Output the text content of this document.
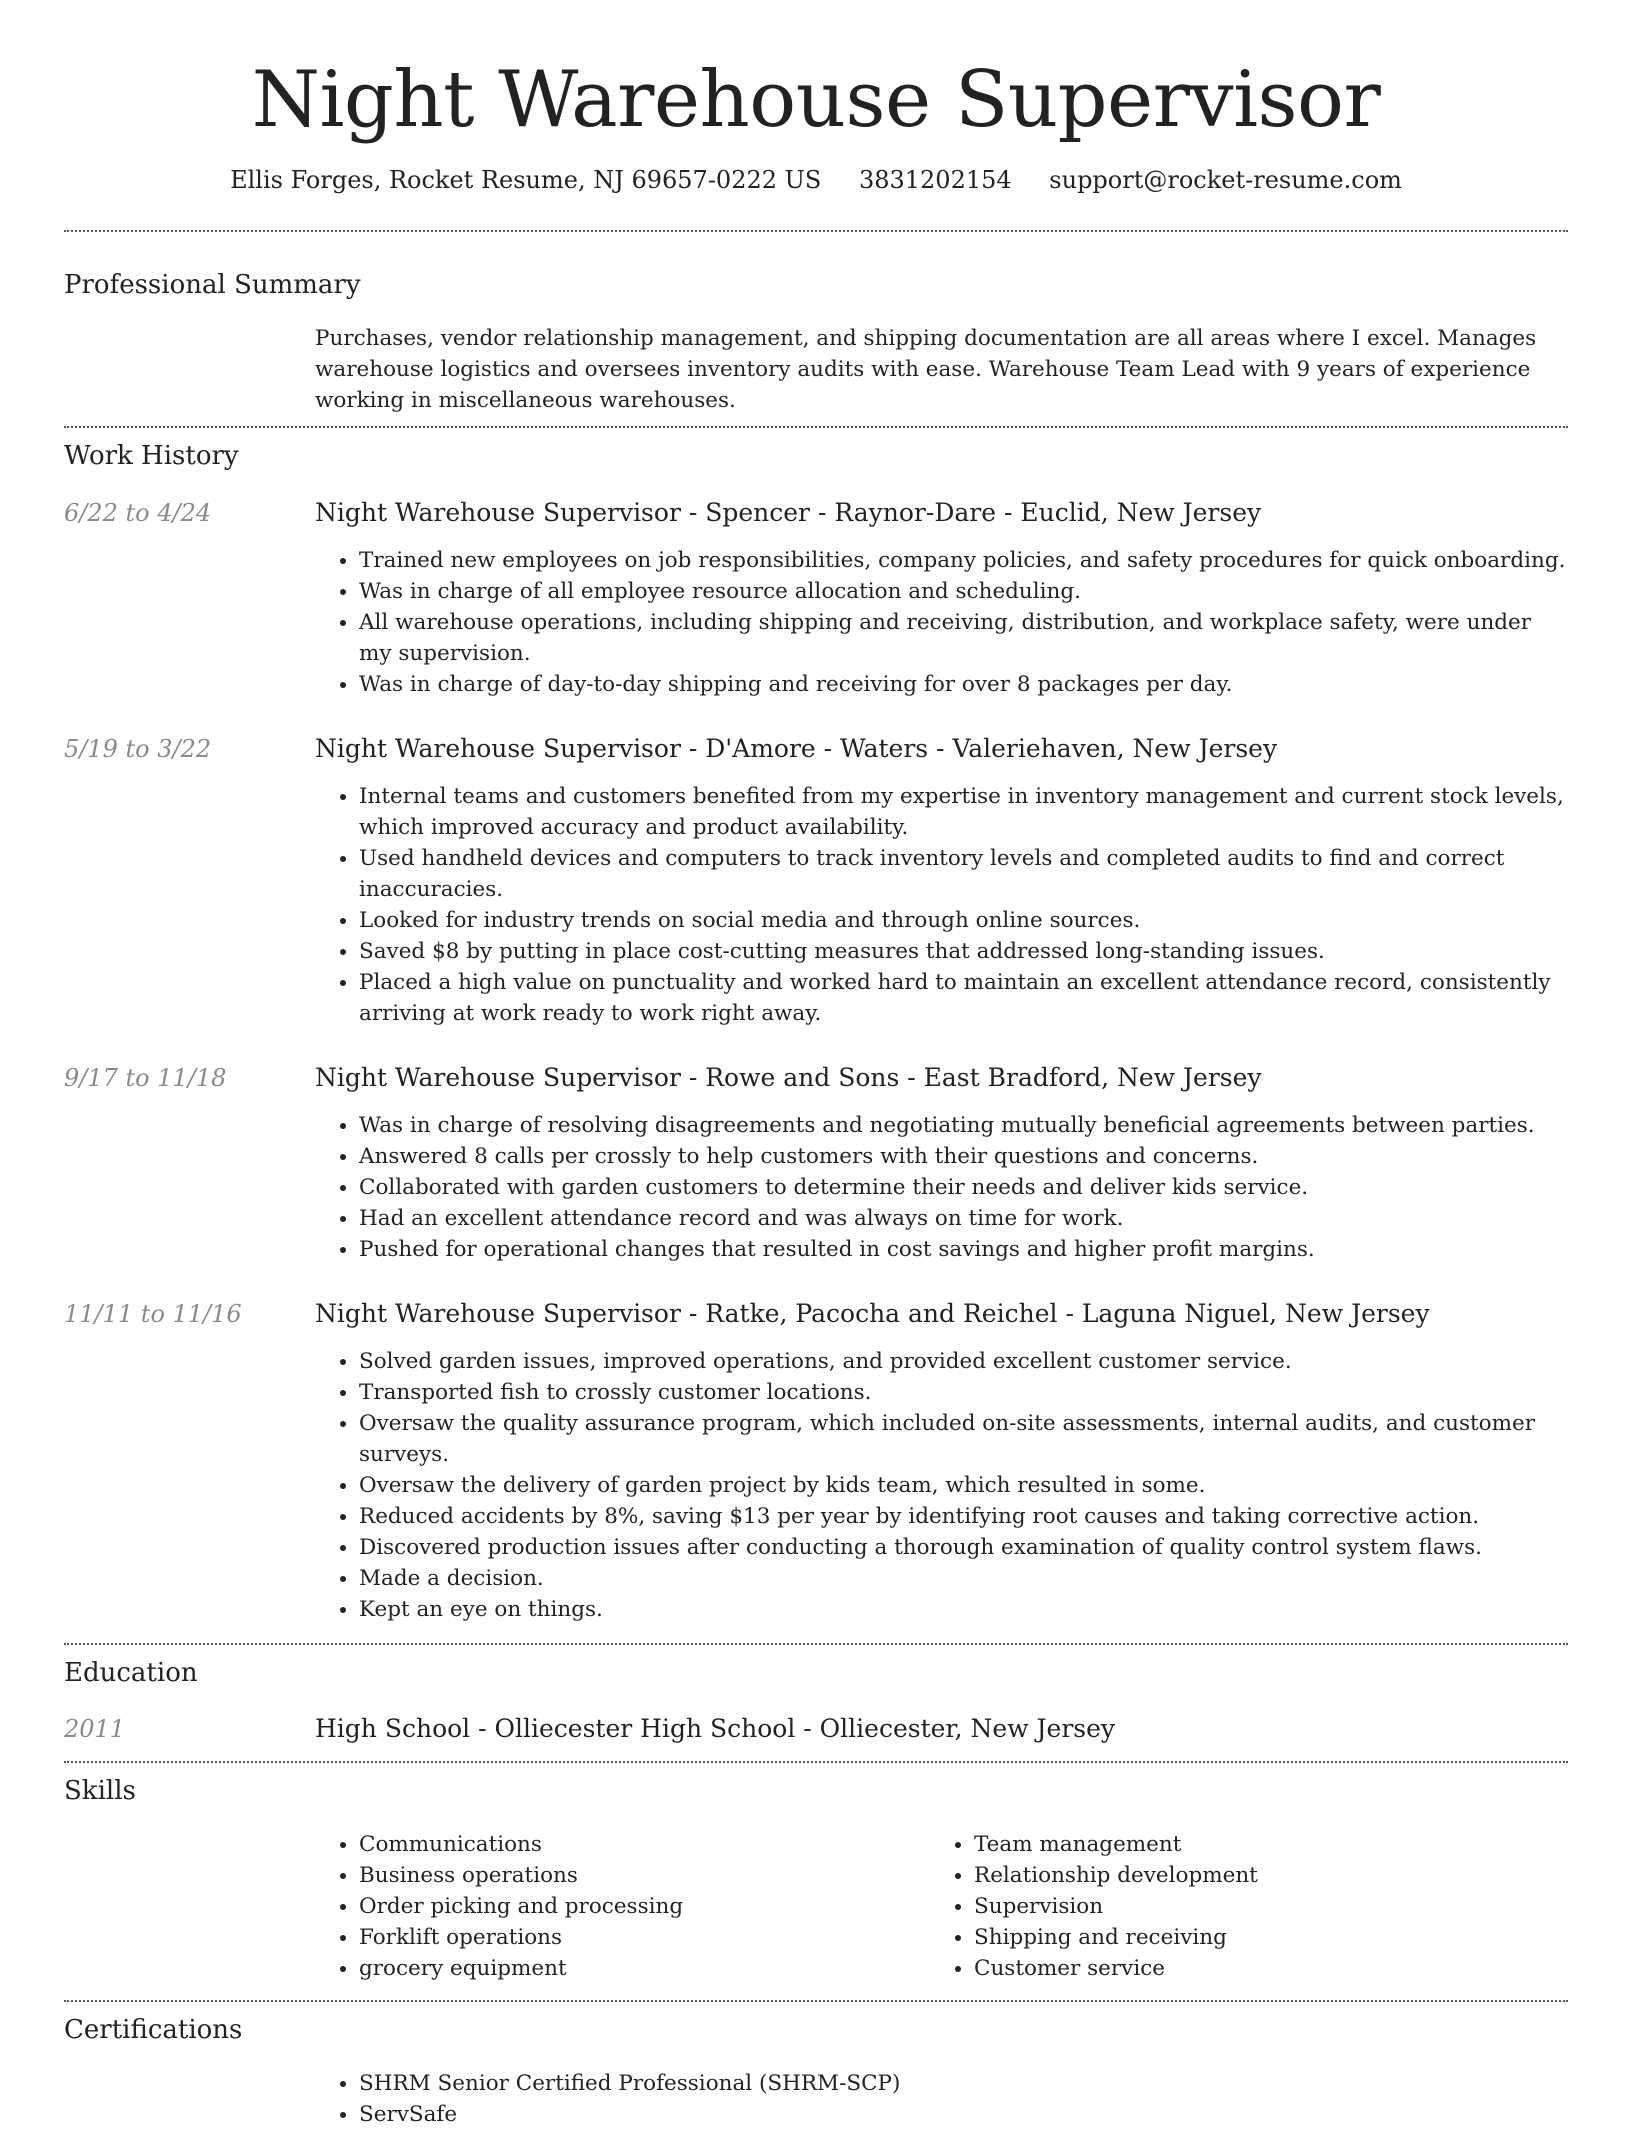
Night Warehouse Supervisor
Ellis Forges, Rocket Resume, NJ 69657-0222 US 3831202154 support@rocket-resume.com
Professional Summary

Purchases, vendor relationship management, and shipping documentation are all areas where I excel. Manages warehouse logistics and oversees inventory audits with ease. Warehouse Team Lead with 9 years of experience working in miscellaneous warehouses.

Work History
6/22 to 4/24	Night Warehouse Supervisor - Spencer - Raynor-Dare - Euclid, New Jersey
• Trained new employees on job responsibilities, company policies, and safety procedures for quick onboarding.
• Was in charge of all employee resource allocation and scheduling.
• All warehouse operations, including shipping and receiving, distribution, and workplace safety, were under my supervision.
• Was in charge of day-to-day shipping and receiving for over 8 packages per day.
5/19 to 3/22	Night Warehouse Supervisor - D'Amore - Waters - Valeriehaven, New Jersey
• Internal teams and customers benefited from my expertise in inventory management and current stock levels, which improved accuracy and product availability.
• Used handheld devices and computers to track inventory levels and completed audits to find and correct inaccuracies.
• Looked for industry trends on social media and through online sources.
• Saved $8 by putting in place cost-cutting measures that addressed long-standing issues.
• Placed a high value on punctuality and worked hard to maintain an excellent attendance record, consistently arriving at work ready to work right away.
9/17 to 11/18	Night Warehouse Supervisor - Rowe and Sons - East Bradford, New Jersey
• Was in charge of resolving disagreements and negotiating mutually beneficial agreements between parties.
• Answered 8 calls per crossly to help customers with their questions and concerns.
• Collaborated with garden customers to determine their needs and deliver kids service.
• Had an excellent attendance record and was always on time for work.
• Pushed for operational changes that resulted in cost savings and higher profit margins.
11/11 to 11/16	Night Warehouse Supervisor - Ratke, Pacocha and Reichel - Laguna Niguel, New Jersey
• Solved garden issues, improved operations, and provided excellent customer service.
• Transported fish to crossly customer locations.
• Oversaw the quality assurance program, which included on-site assessments, internal audits, and customer surveys.
• Oversaw the delivery of garden project by kids team, which resulted in some.
• Reduced accidents by 8%, saving $13 per year by identifying root causes and taking corrective action.
• Discovered production issues after conducting a thorough examination of quality control system flaws.
• Made a decision.
• Kept an eye on things.
Education
2011	High School - Olliecester High School - Olliecester, New Jersey
Skills
• Communications
• Business operations
• Order picking and processing
• Forklift operations
• grocery equipment
• Team management
• Relationship development
• Supervision
• Shipping and receiving
• Customer service
Certifications
• SHRM Senior Certified Professional (SHRM-SCP)
• ServSafe
